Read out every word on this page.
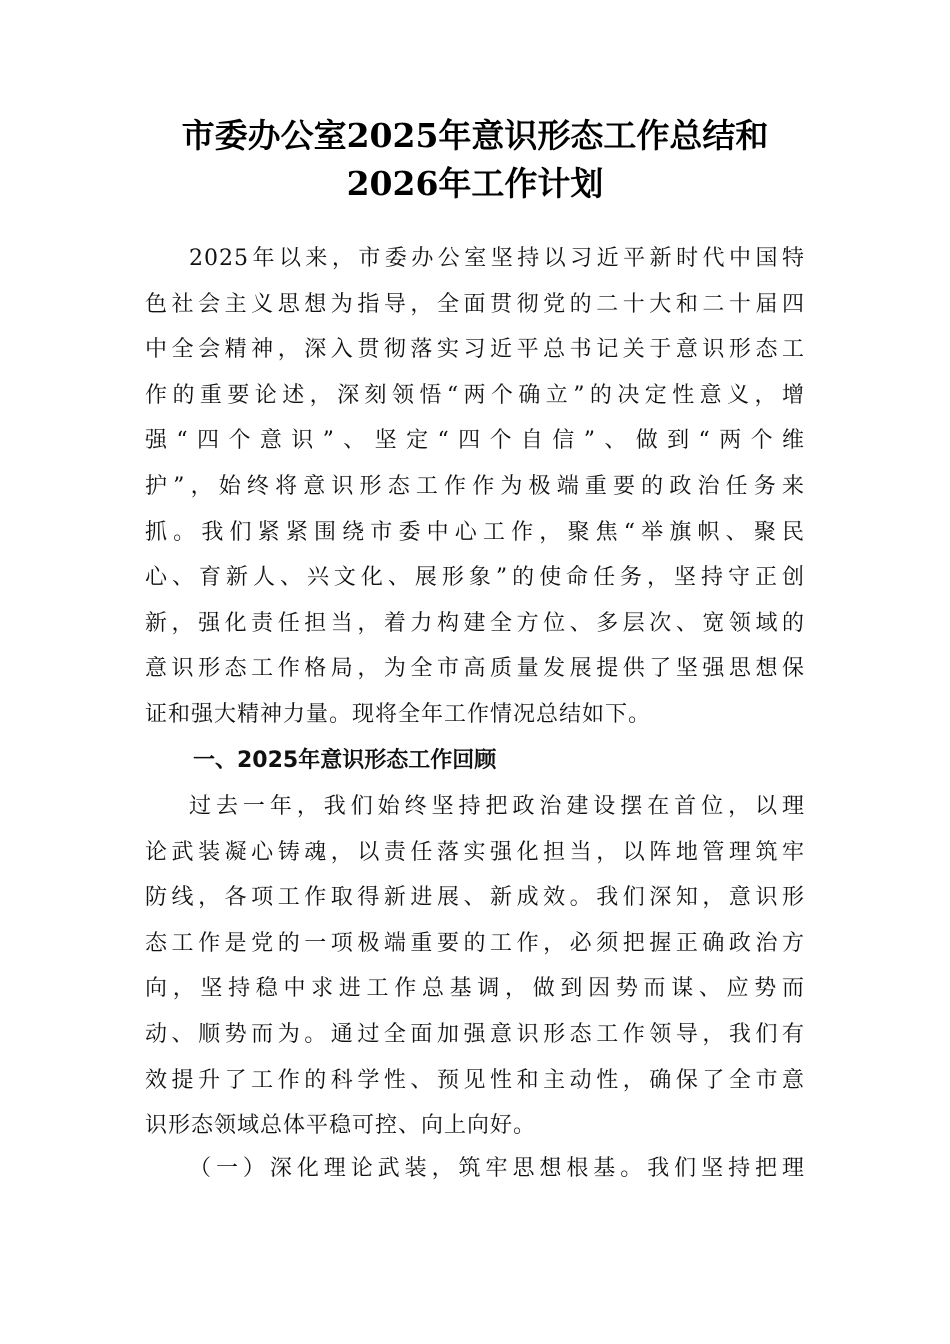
市委办公室2025年意识形态工作总结和
2026年工作计划
2025年以来，市委办公室坚持以习近平新时代中国特
色社会主义思想为指导，全面贯彻党的二十大和二十届四
中全会精神，深入贯彻落实习近平总书记关于意识形态工
作的重要论述，深刻领悟“两个确立”的决定性意义，增
强“四个意识”、坚定“四个自信”、做到“两个维
护”，始终将意识形态工作作为极端重要的政治任务来
抓。我们紧紧围绕市委中心工作，聚焦“举旗帜、聚民
心、育新人、兴文化、展形象”的使命任务，坚持守正创
新，强化责任担当，着力构建全方位、多层次、宽领域的
意识形态工作格局，为全市高质量发展提供了坚强思想保
证和强大精神力量。现将全年工作情况总结如下。
一、2025年意识形态工作回顾
过去一年，我们始终坚持把政治建设摆在首位，以理
论武装凝心铸魂，以责任落实强化担当，以阵地管理筑牢
防线，各项工作取得新进展、新成效。我们深知，意识形
态工作是党的一项极端重要的工作，必须把握正确政治方
向，坚持稳中求进工作总基调，做到因势而谋、应势而
动、顺势而为。通过全面加强意识形态工作领导，我们有
效提升了工作的科学性、预见性和主动性，确保了全市意
识形态领域总体平稳可控、向上向好。
（一）深化理论武装，筑牢思想根基。我们坚持把理
